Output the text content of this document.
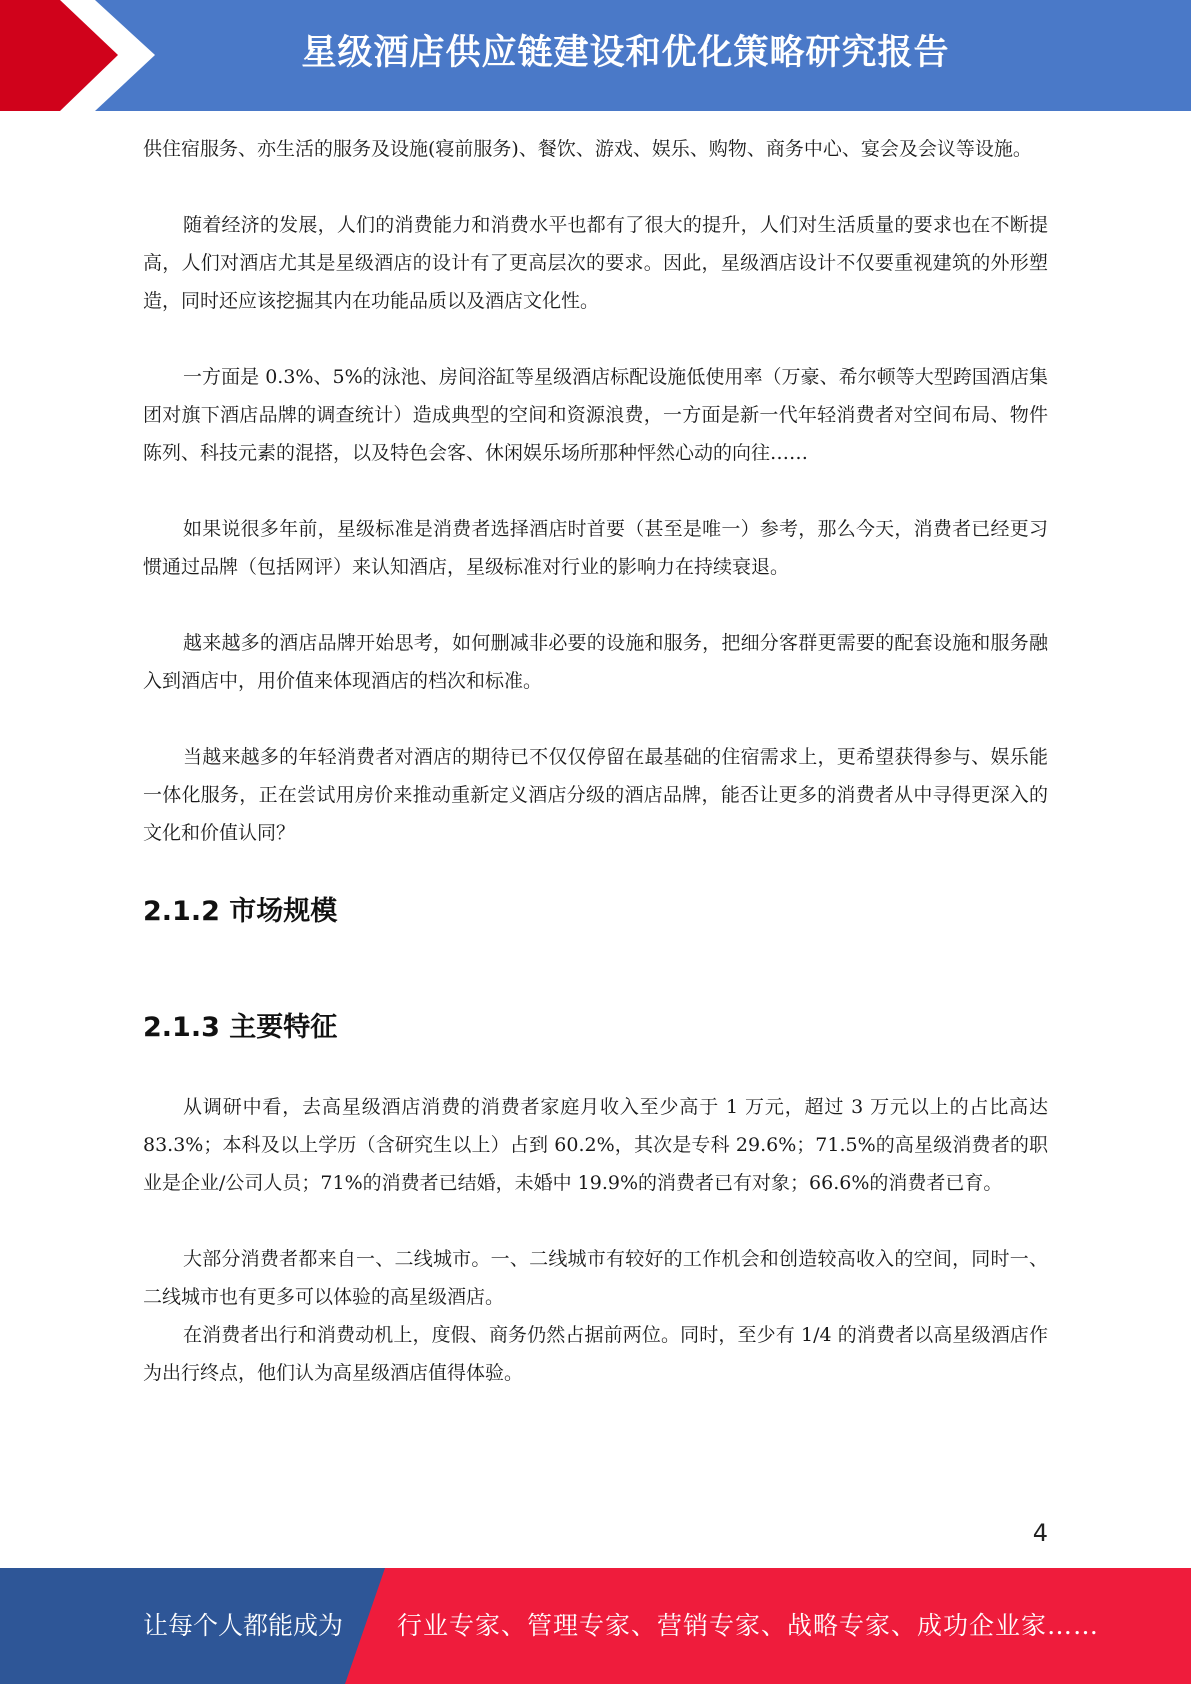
星级酒店供应链建设和优化策略研究报告

供住宿服务、亦生活的服务及设施(寝前服务)、餐饮、游戏、娱乐、购物、商务中心、宴会及会议等设施。

随着经济的发展，人们的消费能力和消费水平也都有了很大的提升，人们对生活质量的要求也在不断提高，人们对酒店尤其是星级酒店的设计有了更高层次的要求。因此，星级酒店设计不仅要重视建筑的外形塑造，同时还应该挖掘其内在功能品质以及酒店文化性。

一方面是 0.3%、5%的泳池、房间浴缸等星级酒店标配设施低使用率（万豪、希尔顿等大型跨国酒店集团对旗下酒店品牌的调查统计）造成典型的空间和资源浪费，一方面是新一代年轻消费者对空间布局、物件陈列、科技元素的混搭，以及特色会客、休闲娱乐场所那种怦然心动的向往……

如果说很多年前，星级标准是消费者选择酒店时首要（甚至是唯一）参考，那么今天，消费者已经更习惯通过品牌（包括网评）来认知酒店，星级标准对行业的影响力在持续衰退。

越来越多的酒店品牌开始思考，如何删减非必要的设施和服务，把细分客群更需要的配套设施和服务融入到酒店中，用价值来体现酒店的档次和标准。

当越来越多的年轻消费者对酒店的期待已不仅仅停留在最基础的住宿需求上，更希望获得参与、娱乐能一体化服务，正在尝试用房价来推动重新定义酒店分级的酒店品牌，能否让更多的消费者从中寻得更深入的文化和价值认同？

2.1.2 市场规模
2.1.3 主要特征

从调研中看，去高星级酒店消费的消费者家庭月收入至少高于 1 万元，超过 3 万元以上的占比高达 83.3%；本科及以上学历（含研究生以上）占到 60.2%，其次是专科 29.6%；71.5%的高星级消费者的职业是企业/公司人员；71%的消费者已结婚，未婚中 19.9%的消费者已有对象；66.6%的消费者已育。

大部分消费者都来自一、二线城市。一、二线城市有较好的工作机会和创造较高收入的空间，同时一、二线城市也有更多可以体验的高星级酒店。

在消费者出行和消费动机上，度假、商务仍然占据前两位。同时，至少有 1/4 的消费者以高星级酒店作为出行终点，他们认为高星级酒店值得体验。

4
让每个人都能成为 行业专家、管理专家、营销专家、战略专家、成功企业家……
